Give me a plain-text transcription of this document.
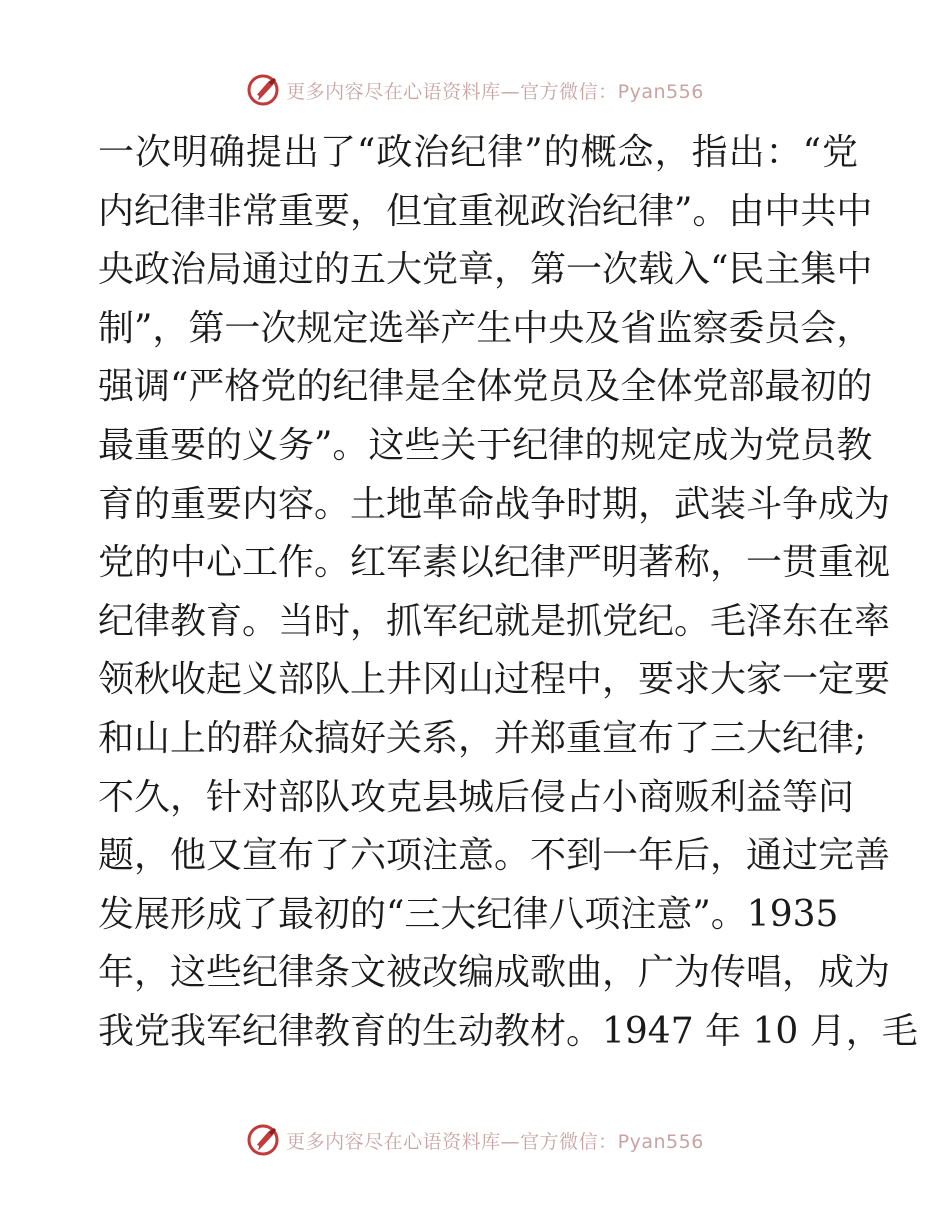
更多内容尽在心语资料库—官方微信：Pyan556
一次明确提出了“政治纪律”的概念，指出：“党
内纪律非常重要，但宜重视政治纪律”。由中共中
央政治局通过的五大党章，第一次载入“民主集中
制”，第一次规定选举产生中央及省监察委员会，
强调“严格党的纪律是全体党员及全体党部最初的
最重要的义务”。这些关于纪律的规定成为党员教
育的重要内容。土地革命战争时期，武装斗争成为
党的中心工作。红军素以纪律严明著称，一贯重视
纪律教育。当时，抓军纪就是抓党纪。毛泽东在率
领秋收起义部队上井冈山过程中，要求大家一定要
和山上的群众搞好关系，并郑重宣布了三大纪律;
不久，针对部队攻克县城后侵占小商贩利益等问
题，他又宣布了六项注意。不到一年后，通过完善
发展形成了最初的“三大纪律八项注意”。1935
年，这些纪律条文被改编成歌曲，广为传唱，成为
我党我军纪律教育的生动教材。1947 年 10 月，毛
更多内容尽在心语资料库—官方微信：Pyan556
